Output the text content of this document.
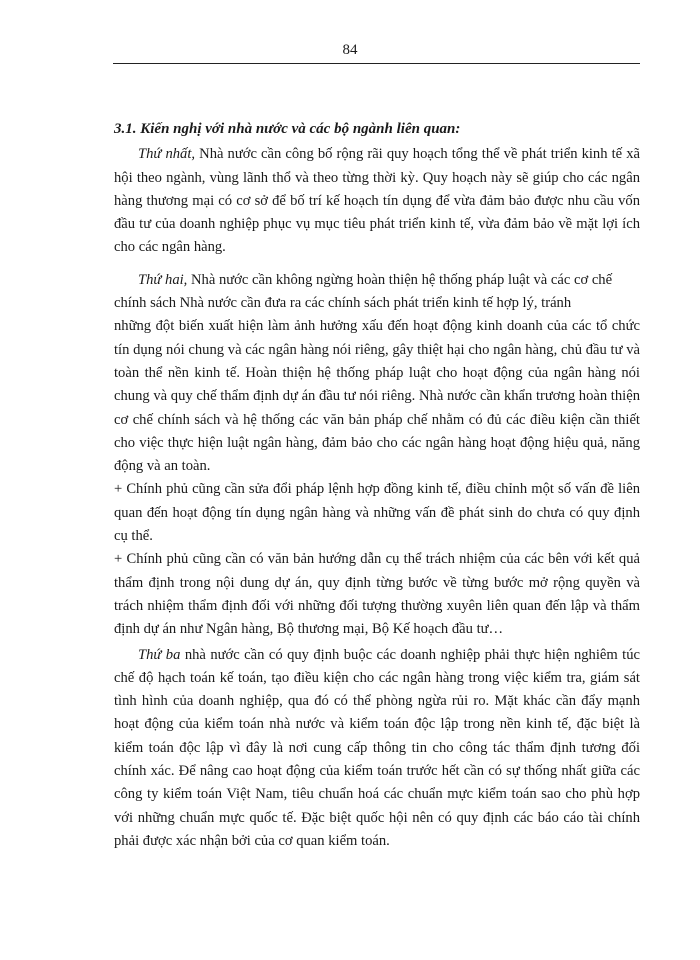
84
3.1. Kiến nghị với nhà nước và các bộ ngành liên quan:

Thứ nhất, Nhà nước cần công bố rộng rãi quy hoạch tổng thể về phát triển kinh tế xã hội theo ngành, vùng lãnh thổ và theo từng thời kỳ. Quy hoạch này sẽ giúp cho các ngân hàng thương mại có cơ sở để bố trí kế hoạch tín dụng để vừa đảm bảo được nhu cầu vốn đầu tư của doanh nghiệp phục vụ mục tiêu phát triển kinh tế, vừa đảm bảo về mặt lợi ích cho các ngân hàng.

Thứ hai, Nhà nước cần không ngừng hoàn thiện hệ thống pháp luật và các cơ chế chính sách Nhà nước cần đưa ra các chính sách phát triển kinh tế hợp lý, tránh

những đột biến xuất hiện làm ảnh hưởng xấu đến hoạt động kinh doanh của các tổ chức tín dụng nói chung và các ngân hàng nói riêng, gây thiệt hại cho ngân hàng, chủ đầu tư và toàn thể nền kinh tế. Hoàn thiện hệ thống pháp luật cho hoạt động của ngân hàng nói chung và quy chế thẩm định dự án đầu tư nói riêng. Nhà nước cần khẩn trương hoàn thiện cơ chế chính sách và hệ thống các văn bản pháp chế nhằm có đủ các điều kiện cần thiết cho việc thực hiện luật ngân hàng, đảm bảo cho các ngân hàng hoạt động hiệu quả, năng động và an toàn.

+ Chính phủ cũng cần sửa đổi pháp lệnh hợp đồng kinh tế, điều chỉnh một số vấn đề liên quan đến hoạt động tín dụng ngân hàng và những vấn đề phát sinh do chưa có quy định cụ thể.

+ Chính phủ cũng cần có văn bản hướng dẫn cụ thể trách nhiệm của các bên với kết quả thẩm định trong nội dung dự án, quy định từng bước về từng bước mở rộng quyền và trách nhiệm thẩm định đối với những đối tượng thường xuyên liên quan đến lập và thẩm định dự án như Ngân hàng, Bộ thương mại, Bộ Kế hoạch đầu tư…

Thứ ba nhà nước cần có quy định buộc các doanh nghiệp phải thực hiện nghiêm túc chế độ hạch toán kế toán, tạo điều kiện cho các ngân hàng trong việc kiểm tra, giám sát tình hình của doanh nghiệp, qua đó có thể phòng ngừa rủi ro. Mặt khác cần đẩy mạnh hoạt động của kiểm toán nhà nước và kiểm toán độc lập trong nền kinh tế, đặc biệt là kiểm toán độc lập vì đây là nơi cung cấp thông tin cho công tác thẩm định tương đối chính xác. Để nâng cao hoạt động của kiểm toán trước hết cần có sự thống nhất giữa các công ty kiểm toán Việt Nam, tiêu chuẩn hoá các chuẩn mực kiểm toán sao cho phù hợp với những chuẩn mực quốc tế. Đặc biệt quốc hội nên có quy định các báo cáo tài chính phải được xác nhận bởi của cơ quan kiểm toán.
